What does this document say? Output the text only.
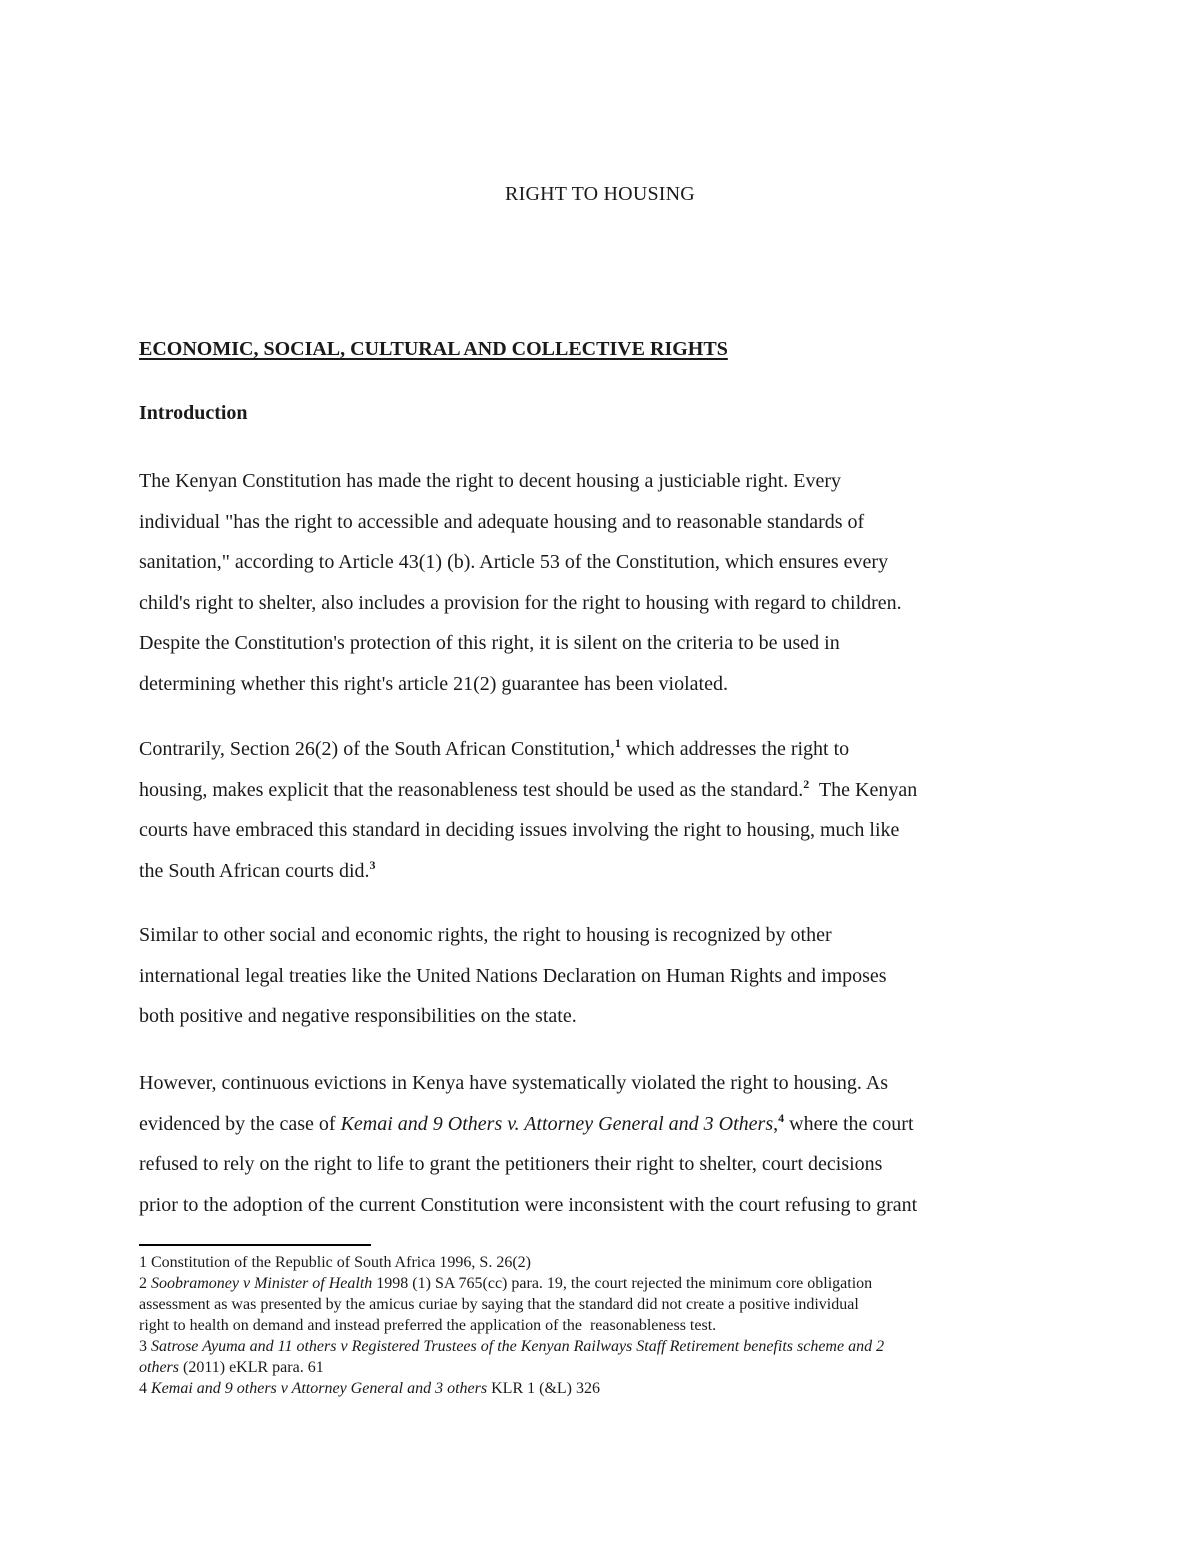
RIGHT TO HOUSING
ECONOMIC, SOCIAL, CULTURAL AND COLLECTIVE RIGHTS
Introduction

The Kenyan Constitution has made the right to decent housing a justiciable right. Every
individual "has the right to accessible and adequate housing and to reasonable standards of
sanitation," according to Article 43(1) (b). Article 53 of the Constitution, which ensures every
child's right to shelter, also includes a provision for the right to housing with regard to children.
Despite the Constitution's protection of this right, it is silent on the criteria to be used in
determining whether this right's article 21(2) guarantee has been violated.

Contrarily, Section 26(2) of the South African Constitution,$^1$ which addresses the right to
housing, makes explicit that the reasonableness test should be used as the standard.$^2$  The Kenyan
courts have embraced this standard in deciding issues involving the right to housing, much like
the South African courts did.$^3$

Similar to other social and economic rights, the right to housing is recognized by other
international legal treaties like the United Nations Declaration on Human Rights and imposes
both positive and negative responsibilities on the state.

However, continuous evictions in Kenya have systematically violated the right to housing. As
evidenced by the case of Kemai and 9 Others v. Attorney General and 3 Others,$^4$ where the court
refused to rely on the right to life to grant the petitioners their right to shelter, court decisions
prior to the adoption of the current Constitution were inconsistent with the court refusing to grant

1 Constitution of the Republic of South Africa 1996, S. 26(2)
2 Soobramoney v Minister of Health 1998 (1) SA 765(cc) para. 19, the court rejected the minimum core obligation
assessment as was presented by the amicus curiae by saying that the standard did not create a positive individual
right to health on demand and instead preferred the application of the  reasonableness test.
3 Satrose Ayuma and 11 others v Registered Trustees of the Kenyan Railways Staff Retirement benefits scheme and 2
others (2011) eKLR para. 61
4 Kemai and 9 others v Attorney General and 3 others KLR 1 (&L) 326
